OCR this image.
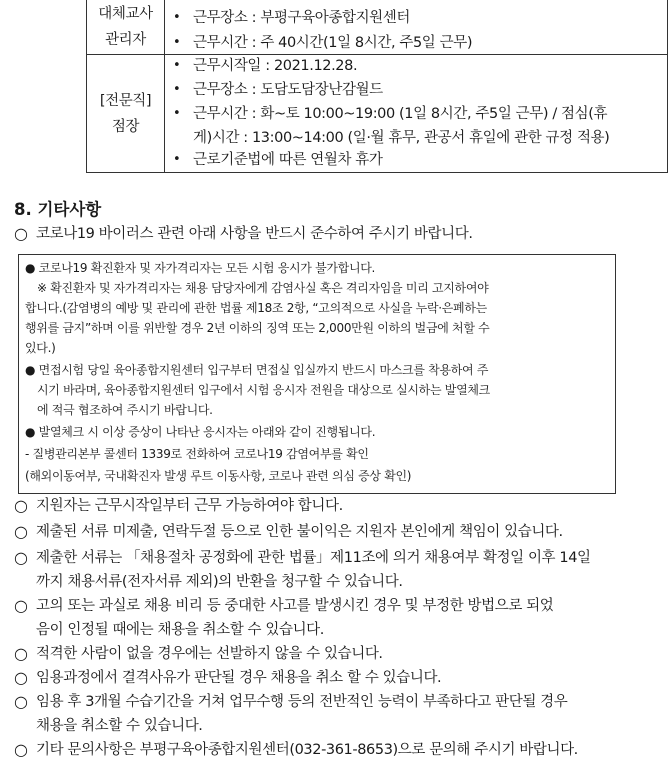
대체교사
관리자
• 근무장소 : 부평구육아종합지원센터
• 근무시간 : 주 40시간(1일 8시간, 주5일 근무)
[전문직]
점장
• 근무시작일 : 2021.12.28.
• 근무장소 : 도담도담장난감월드
• 근무시간 : 화~토 10:00~19:00 (1일 8시간, 주5일 근무) / 점심(휴
게)시간 : 13:00~14:00 (일·월 휴무, 관공서 휴일에 관한 규정 적용)
• 근로기준법에 따른 연월차 휴가
8. 기타사항
○ 코로나19 바이러스 관련 아래 사항을 반드시 준수하여 주시기 바랍니다.
● 코로나19 확진환자 및 자가격리자는 모든 시험 응시가 불가합니다.
※ 확진환자 및 자가격리자는 채용 담당자에게 감염사실 혹은 격리자임을 미리 고지하여야
합니다.(감염병의 예방 및 관리에 관한 법률 제18조 2항, “고의적으로 사실을 누락·은폐하는
행위를 금지”하며 이를 위반할 경우 2년 이하의 징역 또는 2,000만원 이하의 벌금에 처할 수
있다.)
● 면접시험 당일 육아종합지원센터 입구부터 면접실 입실까지 반드시 마스크를 착용하여 주
시기 바라며, 육아종합지원센터 입구에서 시험 응시자 전원을 대상으로 실시하는 발열체크
에 적극 협조하여 주시기 바랍니다.
● 발열체크 시 이상 증상이 나타난 응시자는 아래와 같이 진행됩니다.
- 질병관리본부 콜센터 1339로 전화하여 코로나19 감염여부를 확인
(해외이동여부, 국내확진자 발생 루트 이동사항, 코로나 관련 의심 증상 확인)
○ 지원자는 근무시작일부터 근무 가능하여야 합니다.
○ 제출된 서류 미제출, 연락두절 등으로 인한 불이익은 지원자 본인에게 책임이 있습니다.
○ 제출한 서류는 「채용절차 공정화에 관한 법률」제11조에 의거 채용여부 확정일 이후 14일
까지 채용서류(전자서류 제외)의 반환을 청구할 수 있습니다.
○ 고의 또는 과실로 채용 비리 등 중대한 사고를 발생시킨 경우 및 부정한 방법으로 되었
음이 인정될 때에는 채용을 취소할 수 있습니다.
○ 적격한 사람이 없을 경우에는 선발하지 않을 수 있습니다.
○ 임용과정에서 결격사유가 판단될 경우 채용을 취소 할 수 있습니다.
○ 임용 후 3개월 수습기간을 거쳐 업무수행 등의 전반적인 능력이 부족하다고 판단될 경우
채용을 취소할 수 있습니다.
○ 기타 문의사항은 부평구육아종합지원센터(032-361-8653)으로 문의해 주시기 바랍니다.
